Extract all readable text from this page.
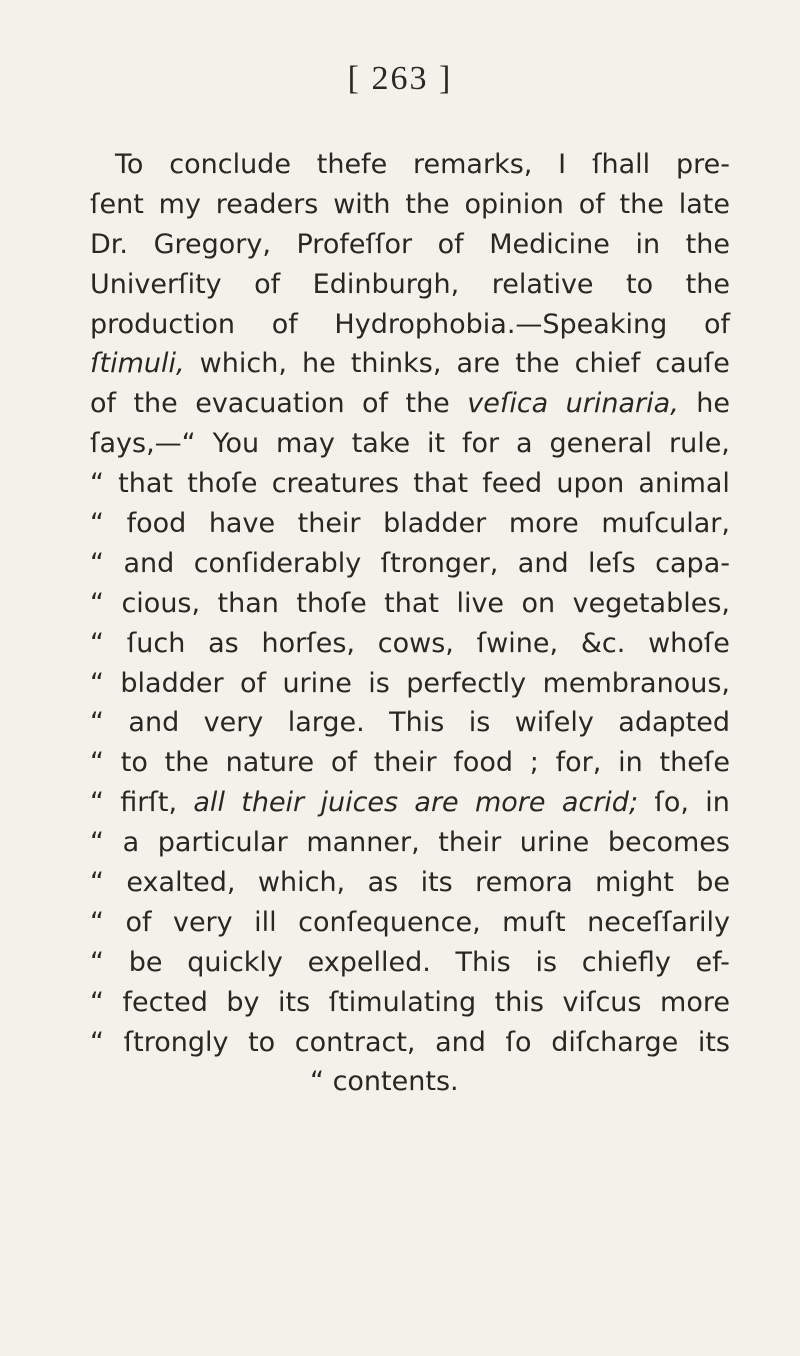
[ 263 ]
To conclude thefe remarks, I ſhall pre-
ſent my readers with the opinion of the late
Dr. Gregory, Profeſſor of Medicine in the
Univerſity of Edinburgh, relative to the
production of Hydrophobia.—Speaking of
ſtimuli, which, he thinks, are the chief cauſe
of the evacuation of the veſica urinaria, he
ſays,—“ You may take it for a general rule,
“ that thoſe creatures that feed upon animal
“ food have their bladder more muſcular,
“ and conſiderably ſtronger, and leſs capa-
“ cious, than thoſe that live on vegetables,
“ ſuch as horſes, cows, ſwine, &c. whoſe
“ bladder of urine is perfectly membranous,
“ and very large. This is wiſely adapted
“ to the nature of their food ; for, in theſe
“ firſt, all their juices are more acrid; ſo, in
“ a particular manner, their urine becomes
“ exalted, which, as its remora might be
“ of very ill conſequence, muſt neceſſarily
“ be quickly expelled. This is chiefly ef-
“ fected by its ſtimulating this viſcus more
“ ſtrongly to contract, and ſo diſcharge its
“ contents.
